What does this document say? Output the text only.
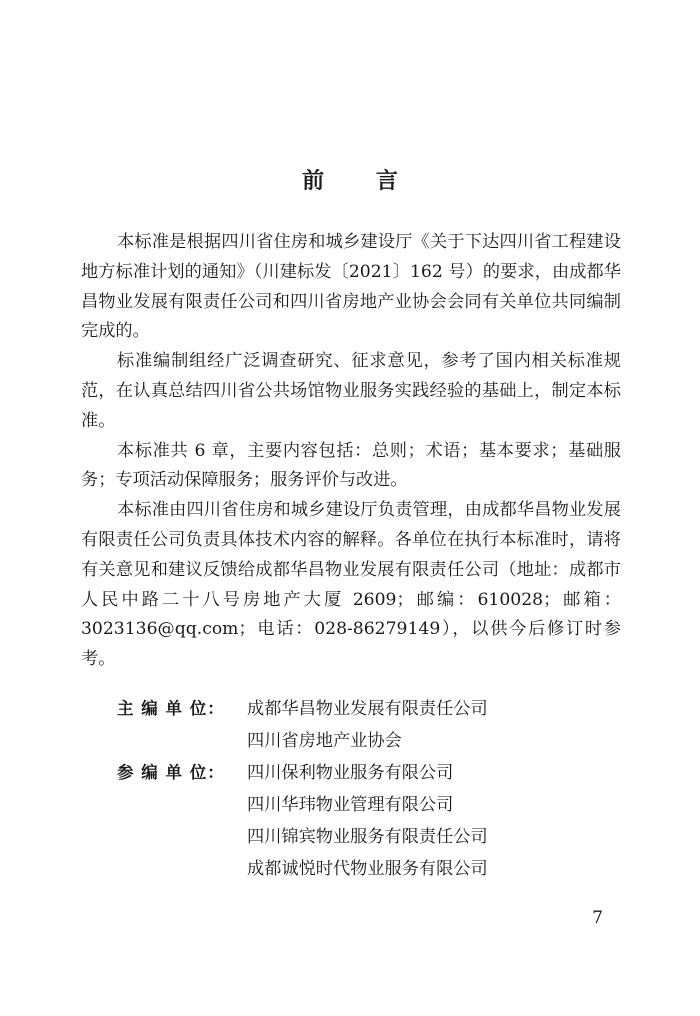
前 言

本标准是根据四川省住房和城乡建设厅《关于下达四川省工程建设地方标准计划的通知》（川建标发〔2021〕162 号）的要求，由成都华昌物业发展有限责任公司和四川省房地产业协会会同有关单位共同编制完成的。

标准编制组经广泛调查研究、征求意见，参考了国内相关标准规范，在认真总结四川省公共场馆物业服务实践经验的基础上，制定本标准。

本标准共 6 章，主要内容包括：总则；术语；基本要求；基础服务；专项活动保障服务；服务评价与改进。

本标准由四川省住房和城乡建设厅负责管理，由成都华昌物业发展有限责任公司负责具体技术内容的解释。各单位在执行本标准时，请将有关意见和建议反馈给成都华昌物业发展有限责任公司（地址：成都市人民中路二十八号房地产大厦 2609；邮编：610028；邮箱：3023136@qq.com；电话：028-86279149），以供今后修订时参考。

主 编 单 位：	成都华昌物业发展有限责任公司
四川省房地产业协会
参 编 单 位：	四川保利物业服务有限公司
四川华玮物业管理有限公司
四川锦宾物业服务有限责任公司
成都诚悦时代物业服务有限公司
7
